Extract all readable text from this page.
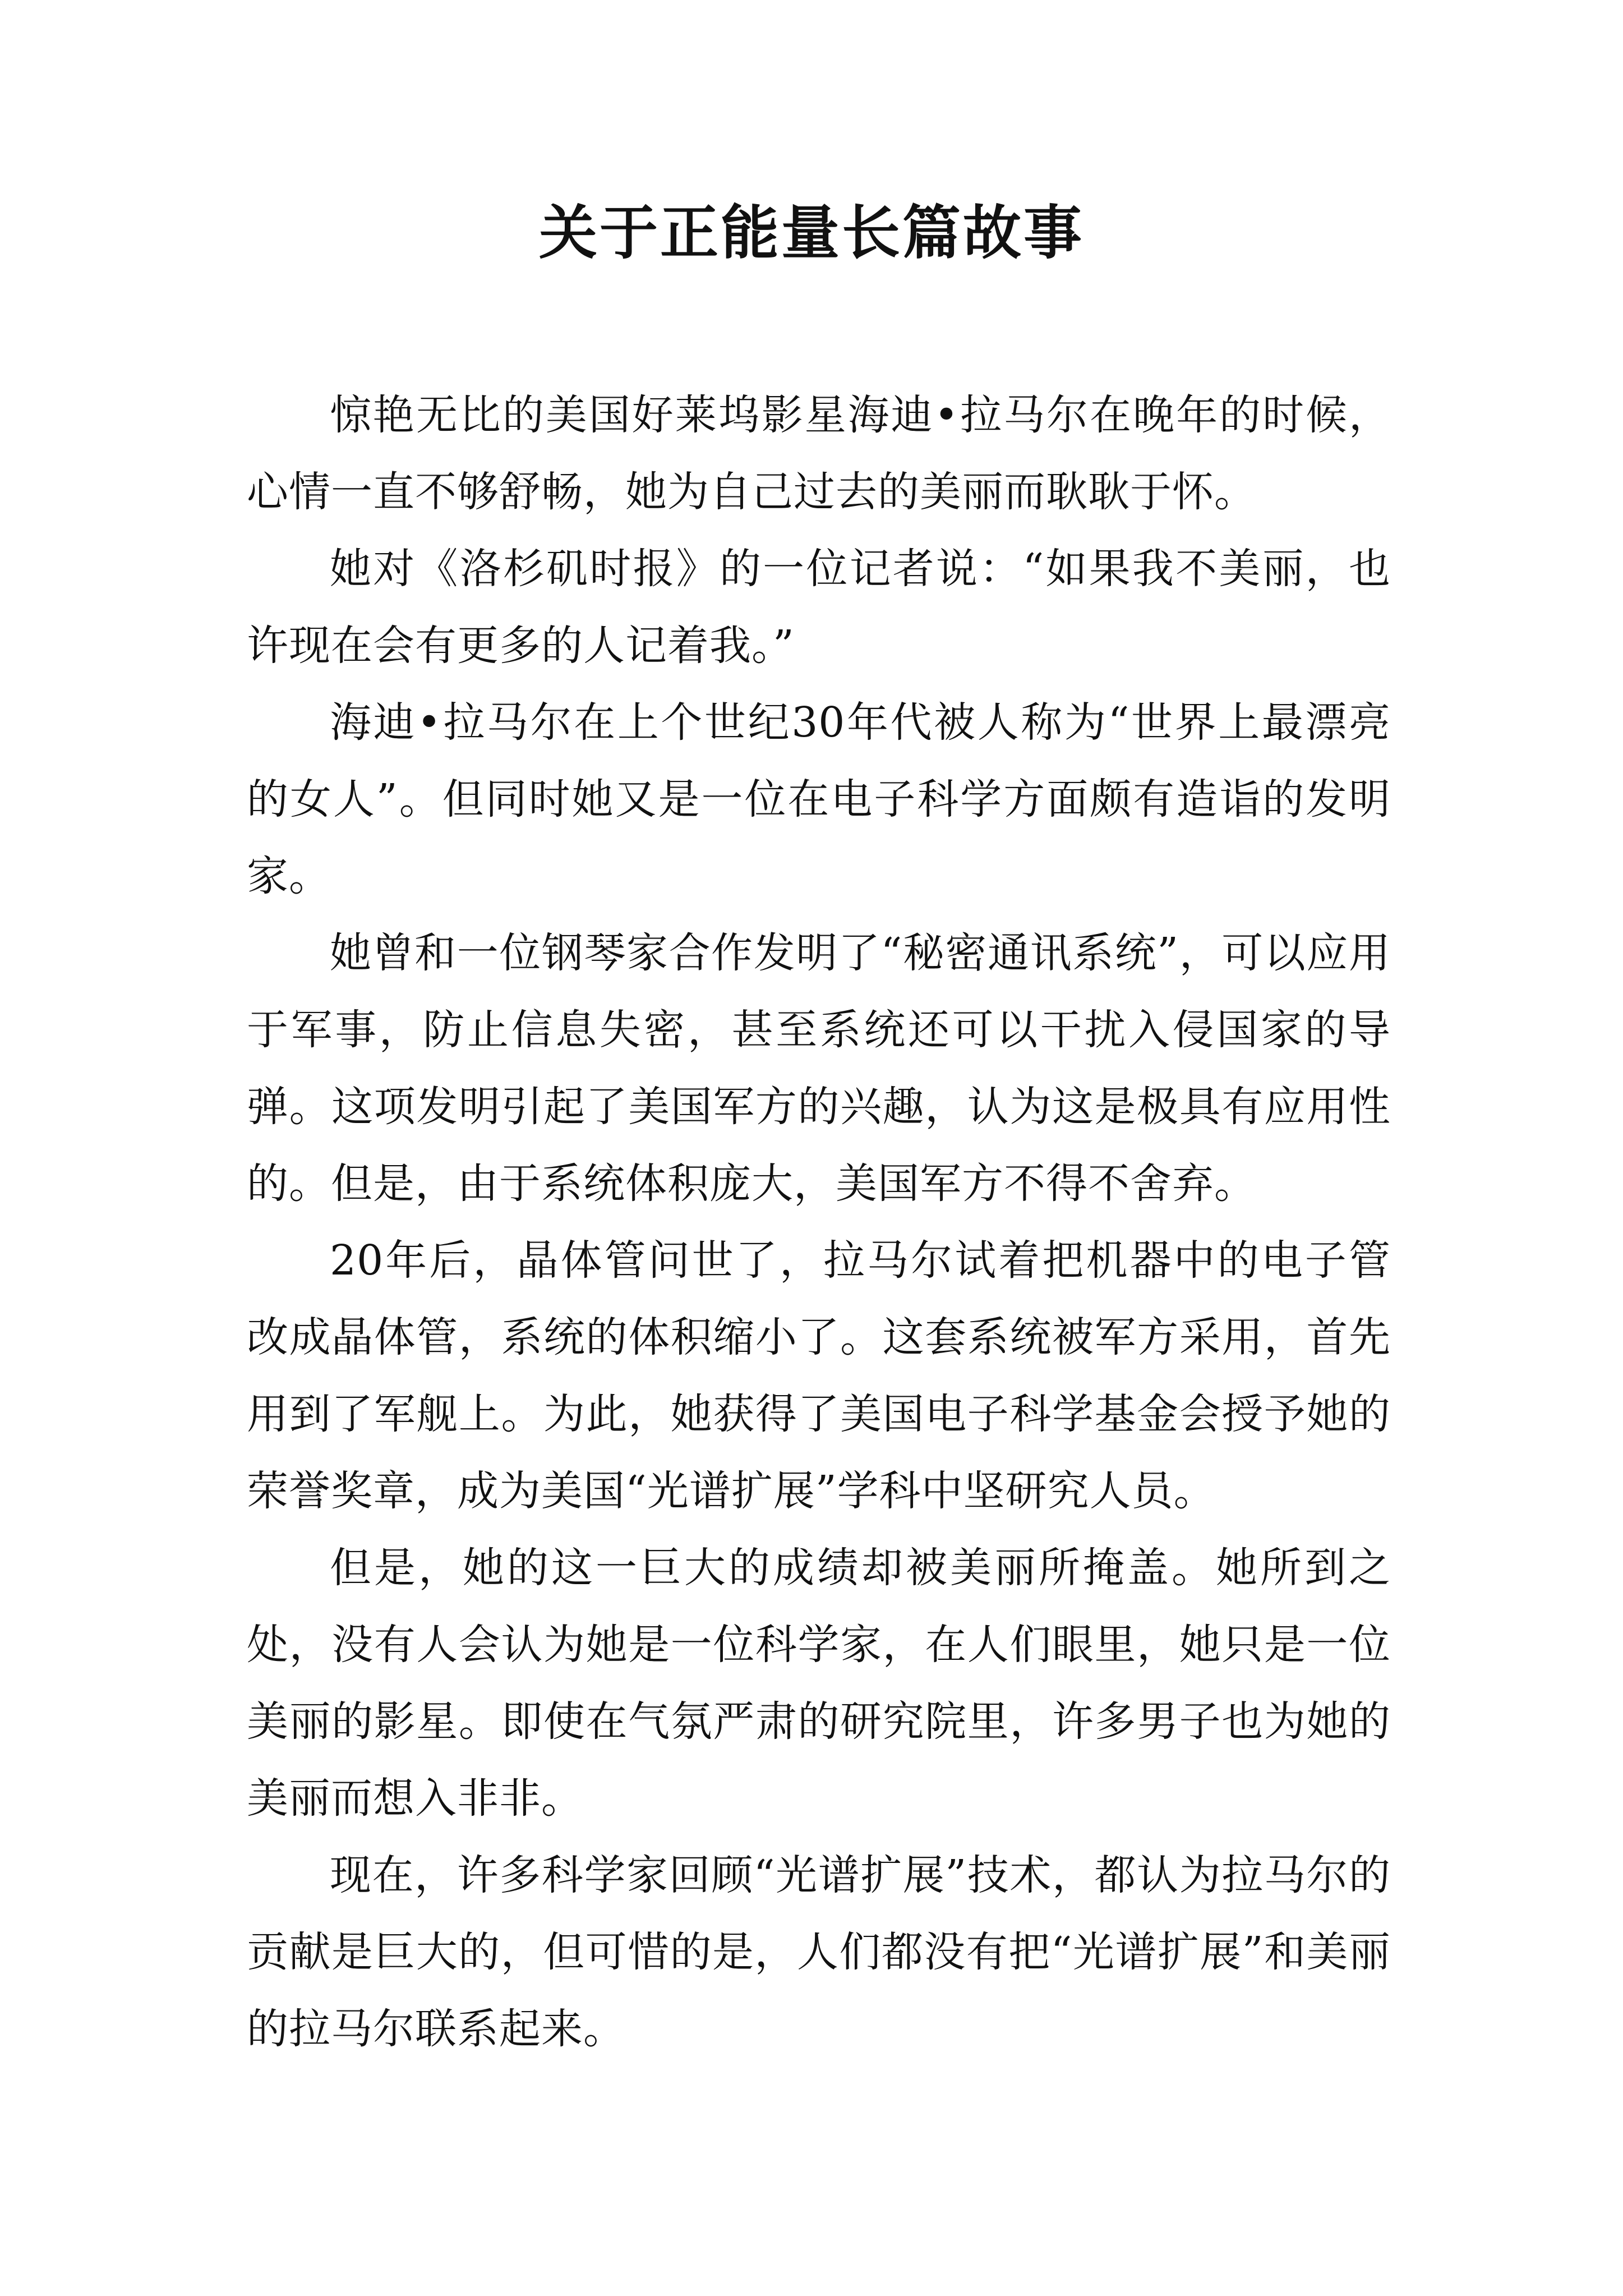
关于正能量长篇故事

惊艳无比的美国好莱坞影星海迪•拉马尔在晚年的时候，心情一直不够舒畅，她为自己过去的美丽而耿耿于怀。

她对《洛杉矶时报》的一位记者说：“如果我不美丽，也许现在会有更多的人记着我。”

海迪•拉马尔在上个世纪30年代被人称为“世界上最漂亮的女人”。但同时她又是一位在电子科学方面颇有造诣的发明家。

她曾和一位钢琴家合作发明了“秘密通讯系统”，可以应用于军事，防止信息失密，甚至系统还可以干扰入侵国家的导弹。这项发明引起了美国军方的兴趣，认为这是极具有应用性的。但是，由于系统体积庞大，美国军方不得不舍弃。

20年后，晶体管问世了，拉马尔试着把机器中的电子管改成晶体管，系统的体积缩小了。这套系统被军方采用，首先用到了军舰上。为此，她获得了美国电子科学基金会授予她的荣誉奖章，成为美国“光谱扩展”学科中坚研究人员。

但是，她的这一巨大的成绩却被美丽所掩盖。她所到之处，没有人会认为她是一位科学家，在人们眼里，她只是一位美丽的影星。即使在气氛严肃的研究院里，许多男子也为她的美丽而想入非非。

现在，许多科学家回顾“光谱扩展”技术，都认为拉马尔的贡献是巨大的，但可惜的是，人们都没有把“光谱扩展”和美丽的拉马尔联系起来。
